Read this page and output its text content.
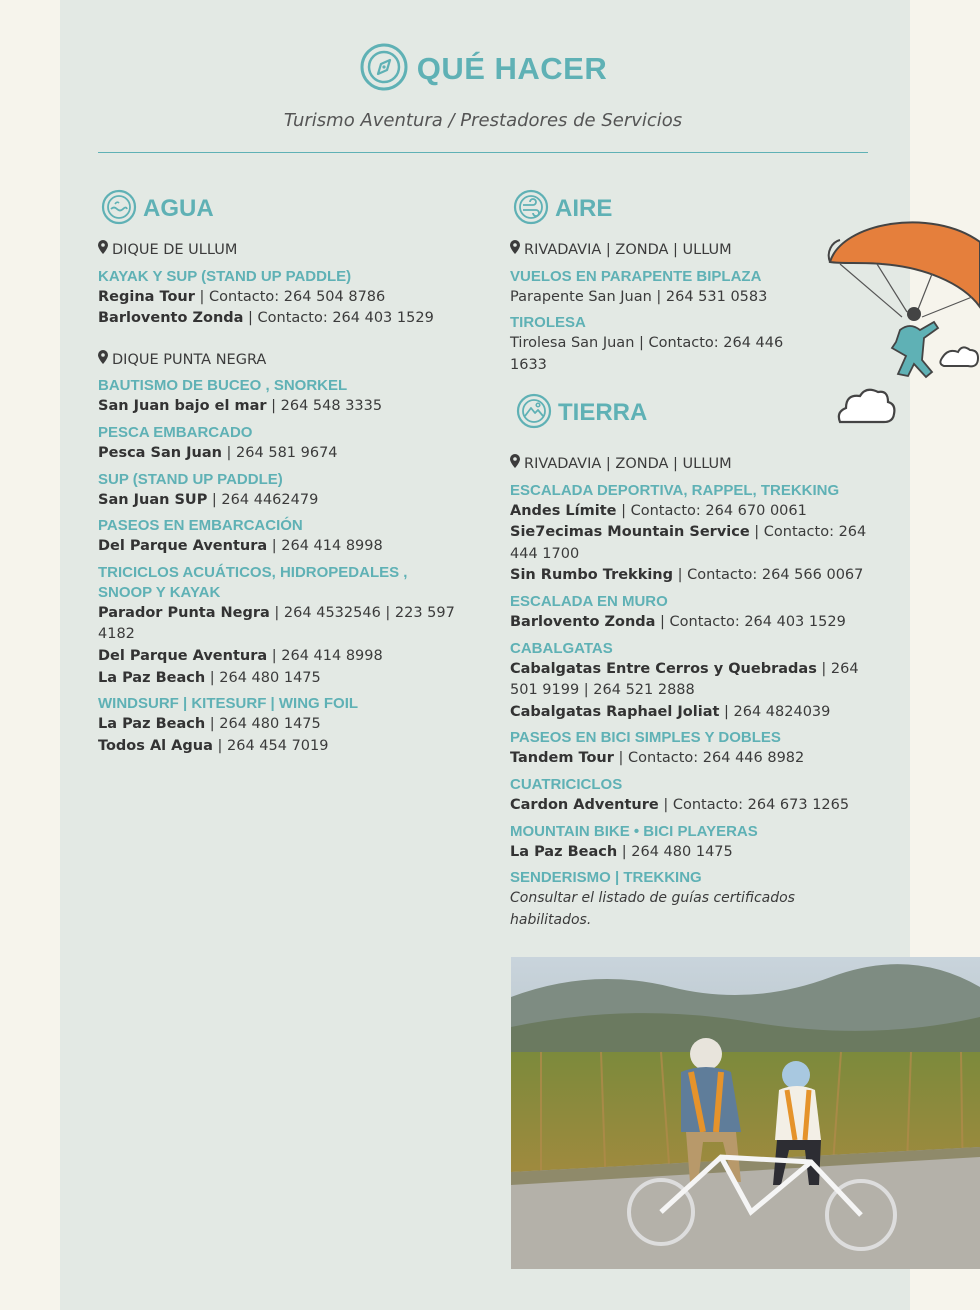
QUÉ HACER
Turismo Aventura / Prestadores de Servicios
AGUA	AIRE
TIERRA
DIQUE DE ULLUM
KAYAK Y SUP (STAND UP PADDLE)
Regina Tour | Contacto: 264 504 8786
Barlovento Zonda | Contacto: 264 403 1529
DIQUE PUNTA NEGRA
BAUTISMO DE BUCEO , SNORKEL
San Juan bajo el mar | 264 548 3335
PESCA EMBARCADO
Pesca San Juan | 264 581 9674
SUP (STAND UP PADDLE)
San Juan SUP | 264 4462479
PASEOS EN EMBARCACIÓN
Del Parque Aventura | 264 414 8998
TRICICLOS ACUÁTICOS, HIDROPEDALES , SNOOP Y KAYAK
Parador Punta Negra | 264 4532546 | 223 597 4182
Del Parque Aventura | 264 414 8998
La Paz Beach | 264 480 1475
WINDSURF | KITESURF | WING FOIL
La Paz Beach | 264 480 1475
Todos Al Agua | 264 454 7019
RIVADAVIA | ZONDA | ULLUM
VUELOS EN PARAPENTE BIPLAZA
Parapente San Juan | 264 531 0583
TIROLESA
Tirolesa San Juan | Contacto: 264 446 1633
RIVADAVIA | ZONDA | ULLUM
ESCALADA DEPORTIVA, RAPPEL, TREKKING
Andes Límite | Contacto: 264 670 0061
Sie7ecimas Mountain Service | Contacto: 264 444 1700
Sin Rumbo Trekking | Contacto: 264 566 0067
ESCALADA EN MURO
Barlovento Zonda | Contacto: 264 403 1529
CABALGATAS
Cabalgatas Entre Cerros y Quebradas | 264 501 9199 | 264 521 2888
Cabalgatas Raphael Joliat | 264 4824039
PASEOS EN BICI SIMPLES Y DOBLES
Tandem Tour | Contacto: 264 446 8982
CUATRICICLOS
Cardon Adventure | Contacto: 264 673 1265
MOUNTAIN BIKE • BICI PLAYERAS
La Paz Beach | 264 480 1475
SENDERISMO | TREKKING
Consultar el listado de guías certificados habilitados.
